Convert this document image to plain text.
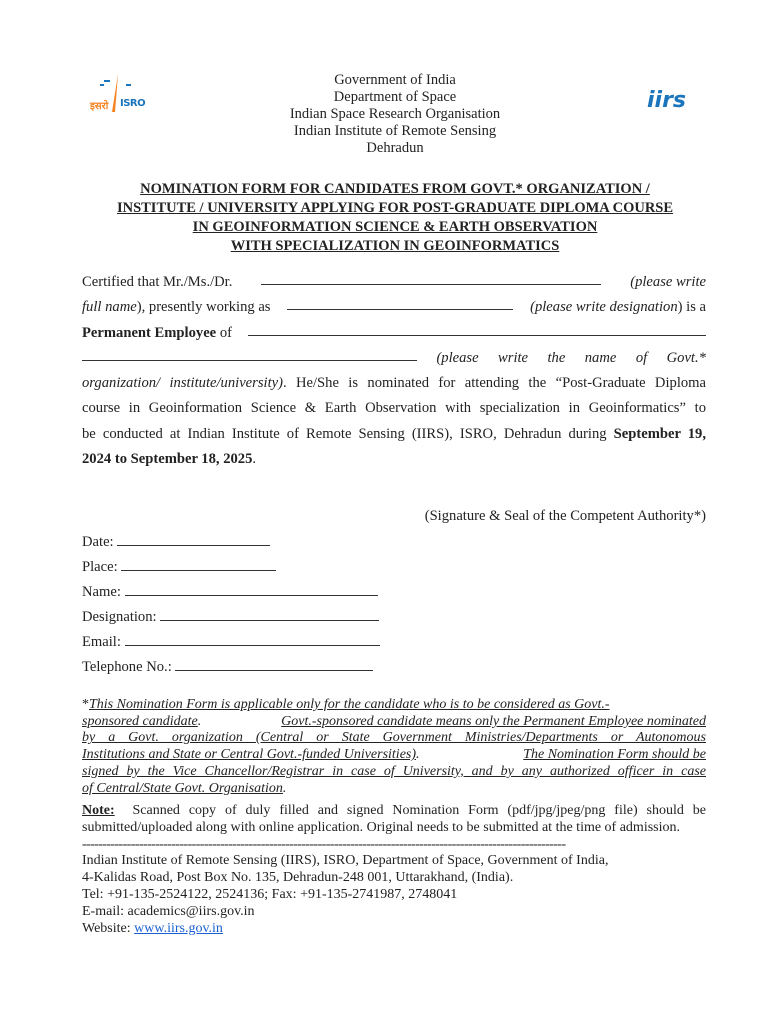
इसरो ISRO	iirs
Government of India
Department of Space
Indian Space Research Organisation
Indian Institute of Remote Sensing
Dehradun
NOMINATION FORM FOR CANDIDATES FROM GOVT.* ORGANIZATION /
INSTITUTE / UNIVERSITY APPLYING FOR POST-GRADUATE DIPLOMA COURSE
IN GEOINFORMATION SCIENCE & EARTH OBSERVATION
WITH SPECIALIZATION IN GEOINFORMATICS
Certified that Mr./Ms./Dr.	(please write
full name), presently working as	(please write designation) is a
Permanent Employee of
(please write the name of Govt.*
organization/ institute/university). He/She is nominated for attending the “Post-Graduate Diploma
course in Geoinformation Science & Earth Observation with specialization in Geoinformatics” to
be conducted at Indian Institute of Remote Sensing (IIRS), ISRO, Dehradun during September 19,
2024 to September 18, 2025 .
(Signature & Seal of the Competent Authority*)
Date:
Place:
Name:
Designation:
Email:
Telephone No.:
*This Nomination Form is applicable only for the candidate who is to be considered as Govt.-
sponsored candidate.	Govt.-sponsored candidate means only the Permanent Employee nominated
by a Govt. organization (Central or State Government Ministries/Departments or Autonomous
Institutions and State or Central Govt.-funded Universities).	The Nomination Form should be
signed by the Vice Chancellor/Registrar in case of University, and by any authorized officer in case
of Central/State Govt. Organisation .
Note: Scanned copy of duly filled and signed Nomination Form (pdf/jpg/jpeg/png file) should be submitted/uploaded along with online application. Original needs to be submitted at the time of admission.
-----------------------------------------------------------------------------------------------------------------------
Indian Institute of Remote Sensing (IIRS), ISRO, Department of Space, Government of India,
4-Kalidas Road, Post Box No. 135, Dehradun-248 001, Uttarakhand, (India).
Tel: +91-135-2524122, 2524136; Fax: +91-135-2741987, 2748041
E-mail: academics@iirs.gov.in
Website: www.iirs.gov.in
